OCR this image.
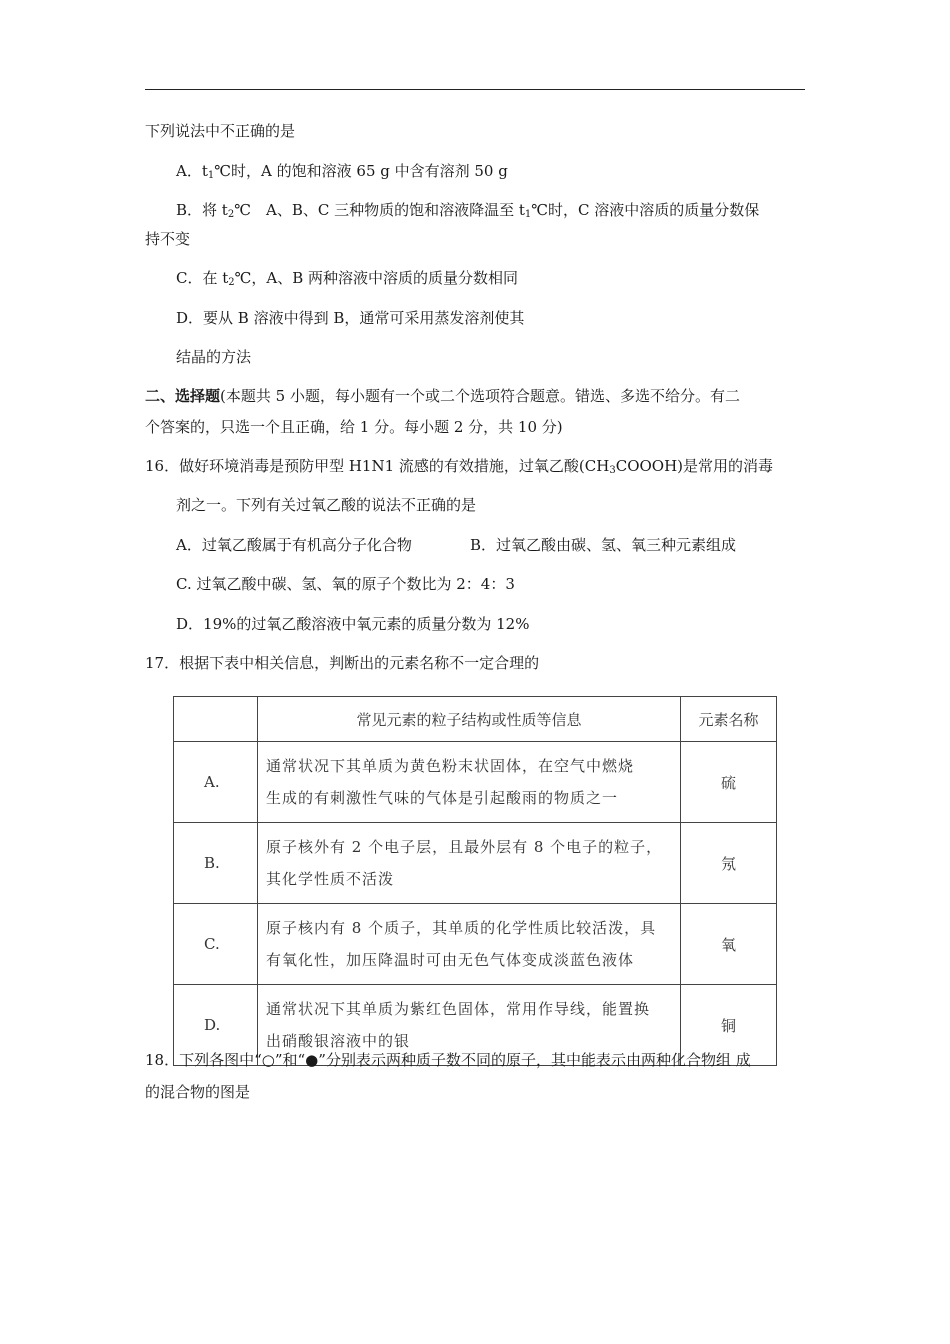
下列说法中不正确的是
A．$t_1℃$时，A 的饱和溶液 65 g 中含有溶剂 50 g
B．将 $t_2℃$　A、B、C 三种物质的饱和溶液降温至 $t_1℃$时，C 溶液中溶质的质量分数保
持不变
C．在 $t_2℃$，A、B 两种溶液中溶质的质量分数相同
D．要从 B 溶液中得到 B，通常可采用蒸发溶剂使其
结晶的方法
二、选择题(本题共 5 小题，每小题有一个或二个选项符合题意。错选、多选不给分。有二
个答案的，只选一个且正确，给 1 分。每小题 2 分，共 10 分)
16．做好环境消毒是预防甲型 H1N1 流感的有效措施，过氧乙酸$(CH_3COOOH)$是常用的消毒
剂之一。下列有关过氧乙酸的说法不正确的是
A．过氧乙酸属于有机高分子化合物	B．过氧乙酸由碳、氢、氧三种元素组成
C. 过氧乙酸中碳、氢、氧的原子个数比为 2：4：3
D．19%的过氧乙酸溶液中氧元素的质量分数为 12%
17．根据下表中相关信息，判断出的元素名称不一定合理的
	常见元素的粒子结构或性质等信息	元素名称
A.	通常状况下其单质为黄色粉末状固体，在空气中燃烧
生成的有刺激性气味的气体是引起酸雨的物质之一	硫
B.	原子核外有 2 个电子层，且最外层有 8 个电子的粒子，
其化学性质不活泼	氖
C.	原子核内有 8 个质子，其单质的化学性质比较活泼，具
有氧化性，加压降温时可由无色气体变成淡蓝色液体	氧
D.	通常状况下其单质为紫红色固体，常用作导线，能置换
出硝酸银溶液中的银	铜
18．下列各图中“○”和“●”分别表示两种质子数不同的原子，其中能表示由两种化合物组 成
的混合物的图是
